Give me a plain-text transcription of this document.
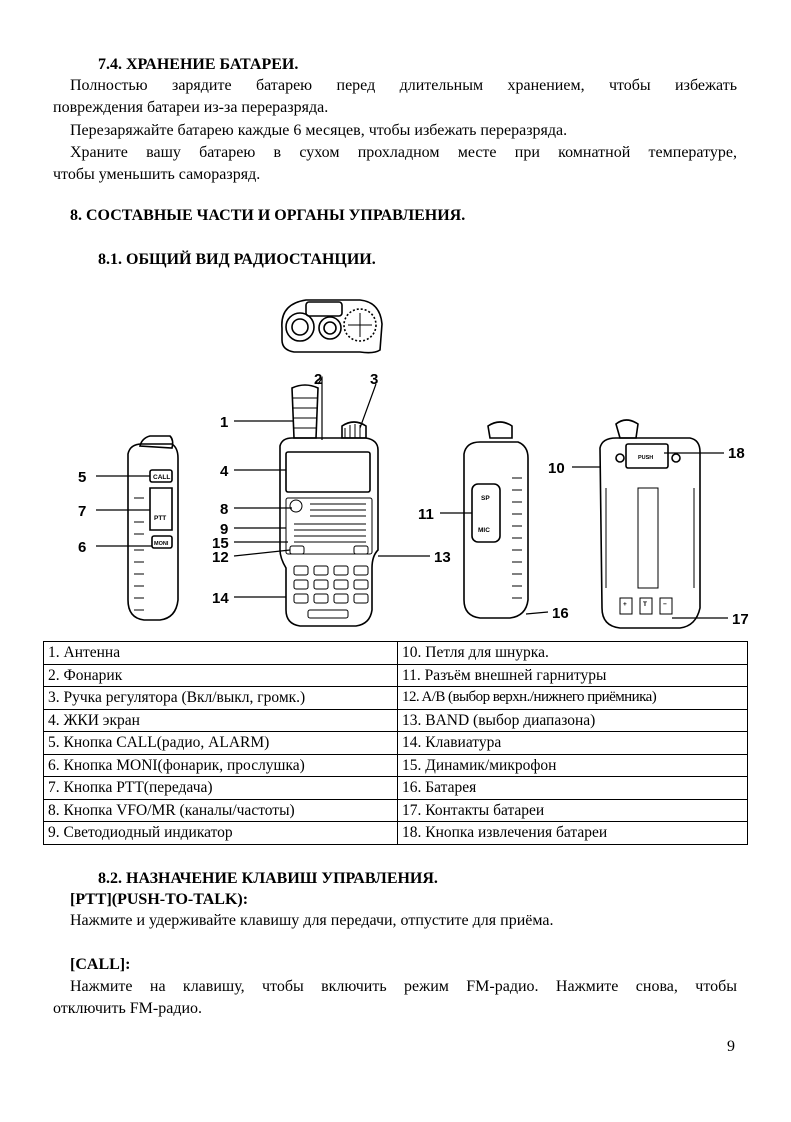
7.4. ХРАНЕНИЕ БАТАРЕИ.
Полностью зарядите батарею перед длительным хранением, чтобы избежать
повреждения батареи из-за переразряда.
Перезаряжайте батарею каждые 6 месяцев, чтобы избежать переразряда.
Храните вашу батарею в сухом прохладном месте при комнатной температуре,
чтобы уменьшить саморазряд.
8. СОСТАВНЫЕ ЧАСТИ И ОРГАНЫ УПРАВЛЕНИЯ.
8.1. ОБЩИЙ ВИД РАДИОСТАНЦИИ.
CALL
PTT
MONI
SP
MIC
PUSH
+ T −
1
2	3
4
5
6
7	8
9
10
11
12	13
14
15
16	17
18
1. Антенна	10. Петля для шнурка.
2. Фонарик	11. Разъём внешней гарнитуры
3. Ручка регулятора (Вкл/выкл, громк.)	12. A/B (выбор верхн./нижнего приёмника)
4. ЖКИ экран	13. BAND (выбор диапазона)
5. Кнопка CALL(радио, ALARM)	14. Клавиатура
6. Кнопка MONI(фонарик, прослушка)	15. Динамик/микрофон
7. Кнопка PTT(передача)	16. Батарея
8. Кнопка VFO/MR (каналы/частоты)	17. Контакты батареи
9. Светодиодный индикатор	18. Кнопка извлечения батареи
8.2. НАЗНАЧЕНИЕ КЛАВИШ УПРАВЛЕНИЯ.
[PTT](PUSH-TO-TALK):
Нажмите и удерживайте клавишу для передачи, отпустите для приёма.
[CALL]:
Нажмите на клавишу, чтобы включить режим FM-радио. Нажмите снова, чтобы
отключить FM-радио.
9
